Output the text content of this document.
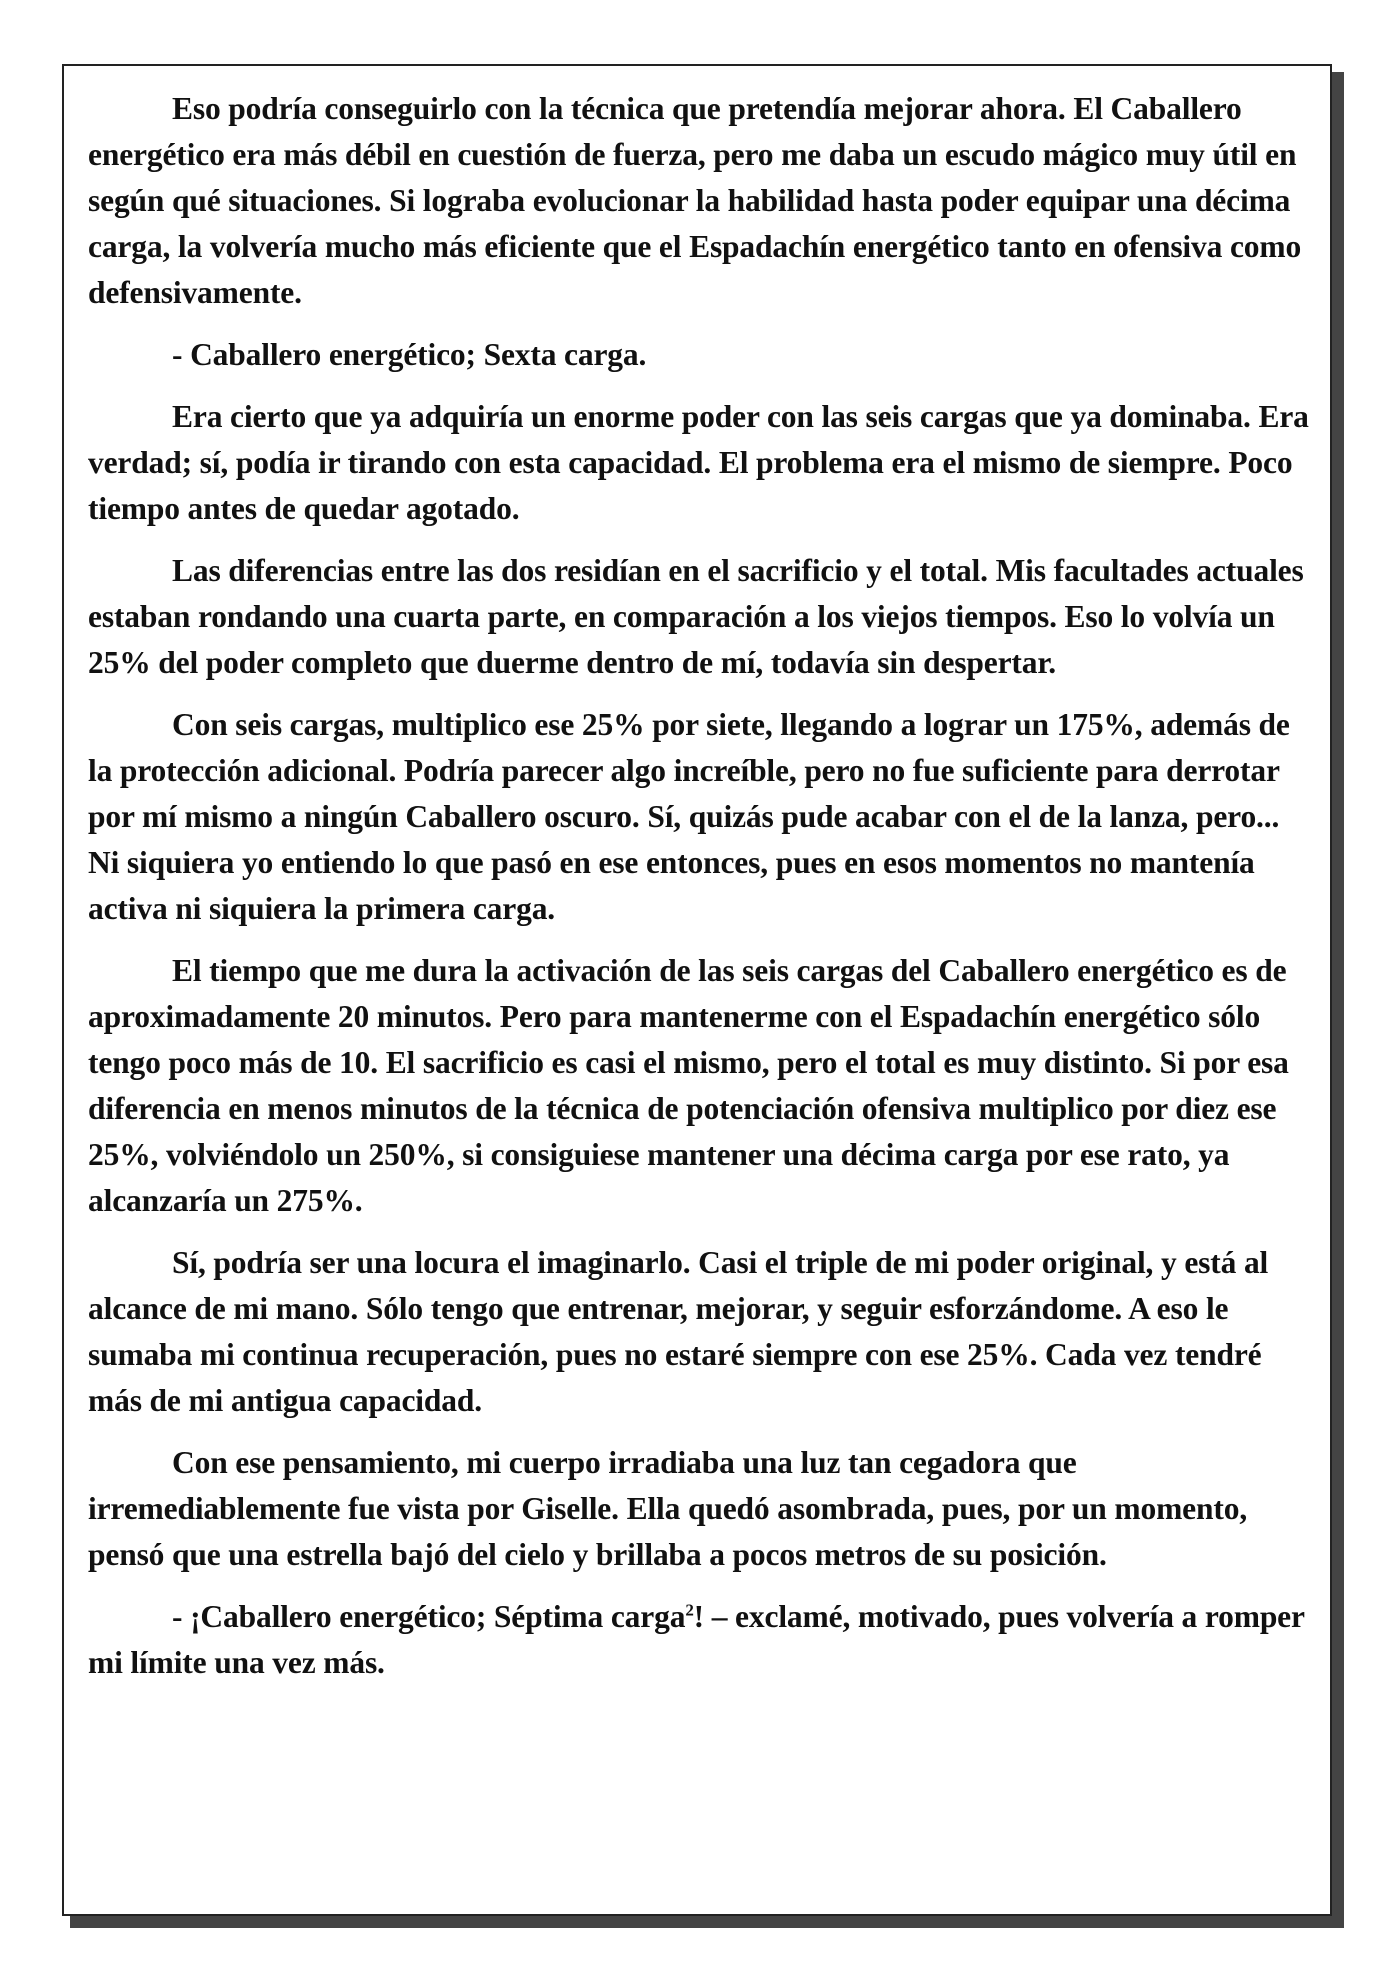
Eso podría conseguirlo con la técnica que pretendía mejorar ahora. El Caballero energético era más débil en cuestión de fuerza, pero me daba un escudo mágico muy útil en según qué situaciones. Si lograba evolucionar la habilidad hasta poder equipar una décima carga, la volvería mucho más eficiente que el Espadachín energético tanto en ofensiva como defensivamente.

- Caballero energético; Sexta carga.

Era cierto que ya adquiría un enorme poder con las seis cargas que ya dominaba. Era verdad; sí, podía ir tirando con esta capacidad. El problema era el mismo de siempre. Poco tiempo antes de quedar agotado.

Las diferencias entre las dos residían en el sacrificio y el total. Mis facultades actuales estaban rondando una cuarta parte, en comparación a los viejos tiempos. Eso lo volvía un 25% del poder completo que duerme dentro de mí, todavía sin despertar.

Con seis cargas, multiplico ese 25% por siete, llegando a lograr un 175%, además de la protección adicional. Podría parecer algo increíble, pero no fue suficiente para derrotar por mí mismo a ningún Caballero oscuro. Sí, quizás pude acabar con el de la lanza, pero... Ni siquiera yo entiendo lo que pasó en ese entonces, pues en esos momentos no mantenía activa ni siquiera la primera carga.

El tiempo que me dura la activación de las seis cargas del Caballero energético es de aproximadamente 20 minutos. Pero para mantenerme con el Espadachín energético sólo tengo poco más de 10. El sacrificio es casi el mismo, pero el total es muy distinto. Si por esa diferencia en menos minutos de la técnica de potenciación ofensiva multiplico por diez ese 25%, volviéndolo un 250%, si consiguiese mantener una décima carga por ese rato, ya alcanzaría un 275%.

Sí, podría ser una locura el imaginarlo. Casi el triple de mi poder original, y está al alcance de mi mano. Sólo tengo que entrenar, mejorar, y seguir esforzándome. A eso le sumaba mi continua recuperación, pues no estaré siempre con ese 25%. Cada vez tendré más de mi antigua capacidad.

Con ese pensamiento, mi cuerpo irradiaba una luz tan cegadora que irremediablemente fue vista por Giselle. Ella quedó asombrada, pues, por un momento, pensó que una estrella bajó del cielo y brillaba a pocos metros de su posición.

- ¡Caballero energético; Séptima carga$^2$! – exclamé, motivado, pues volvería a romper mi límite una vez más.
